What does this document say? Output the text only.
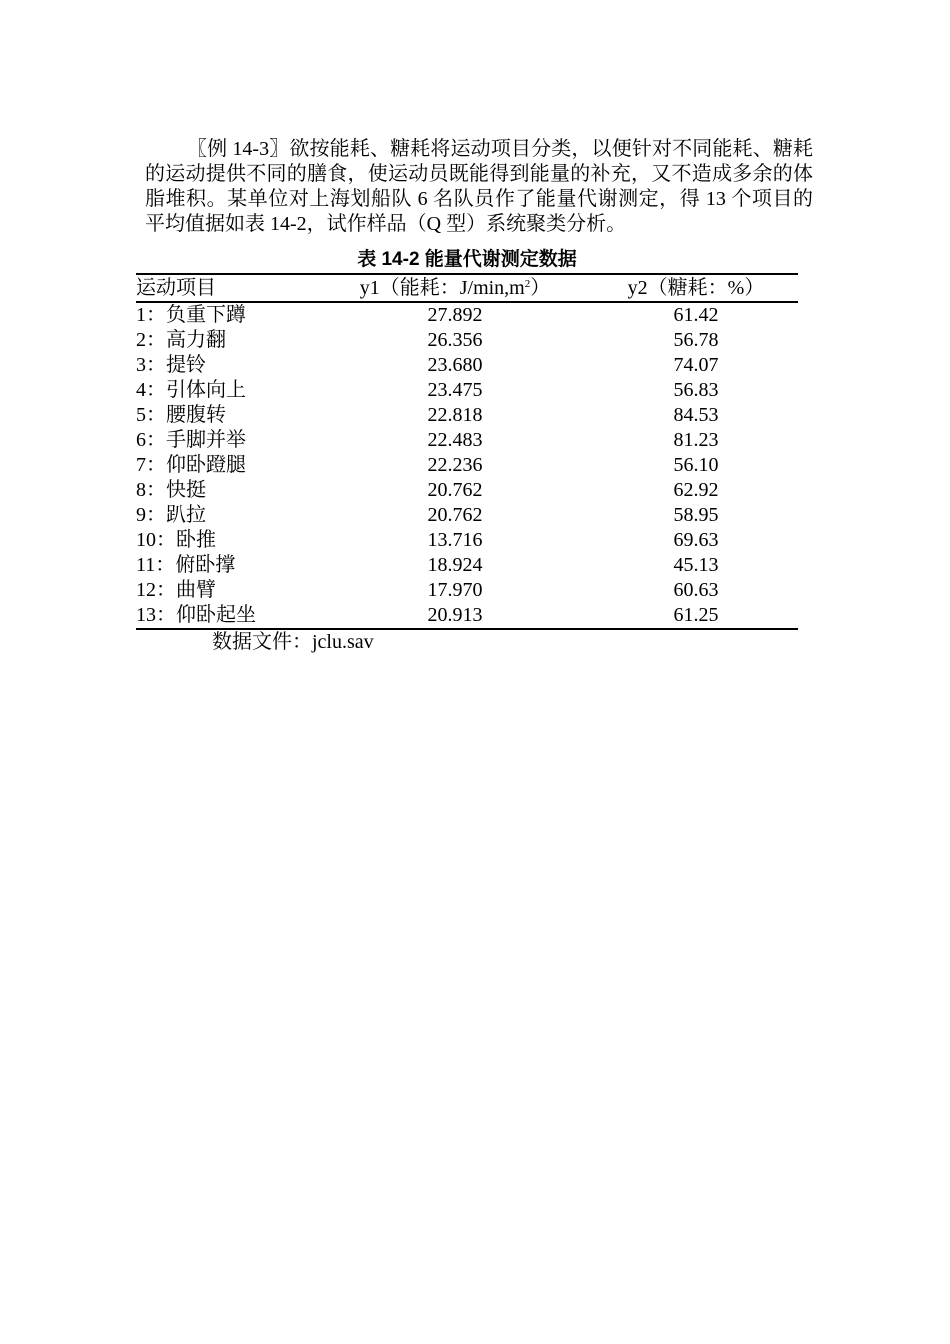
〖例 14-3〗欲按能耗、糖耗将运动项目分类，以便针对不同能耗、糖耗的运动提供不同的膳食，使运动员既能得到能量的补充，又不造成多余的体脂堆积。某单位对上海划船队 6 名队员作了能量代谢测定，得 13 个项目的平均值据如表 14-2，试作样品（Q 型）系统聚类分析。

表 14-2 能量代谢测定数据
运动项目	y1（能耗：$J/\min,m^2$）	y2（糖耗：%）
1：负重下蹲	27.892	61.42
2：高力翻	26.356	56.78
3：提铃	23.680	74.07
4：引体向上	23.475	56.83
5：腰腹转	22.818	84.53
6：手脚并举	22.483	81.23
7：仰卧蹬腿	22.236	56.10
8：快挺	20.762	62.92
9：趴拉	20.762	58.95
10：卧推	13.716	69.63
11：俯卧撑	18.924	45.13
12：曲臂	17.970	60.63
13：仰卧起坐	20.913	61.25
数据文件：jclu.sav
